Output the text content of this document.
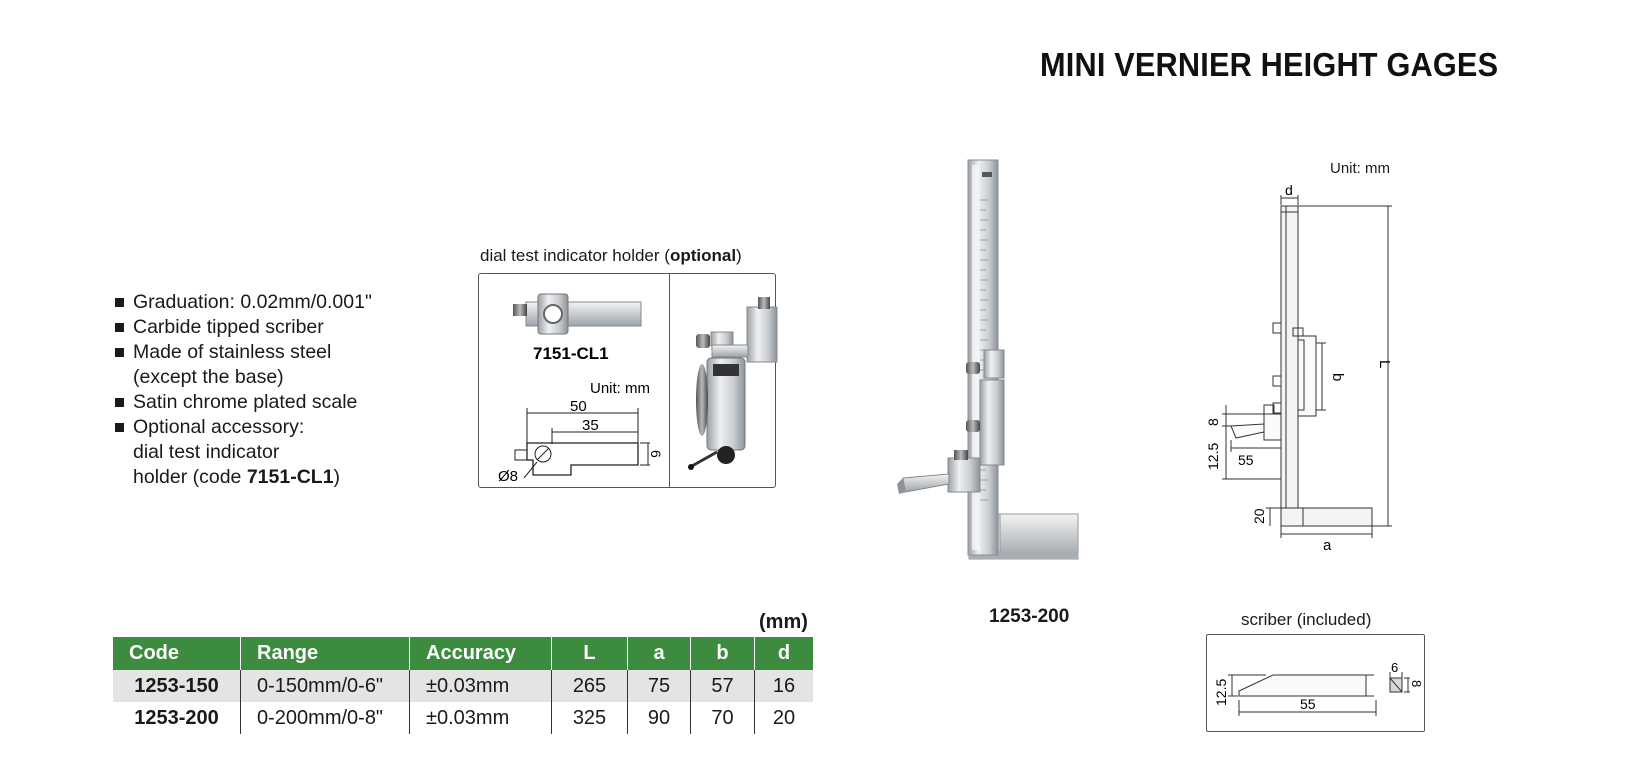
MINI VERNIER HEIGHT GAGES
Graduation: 0.02mm/0.001"
Carbide tipped scriber
Made of stainless steel
(except the base)
Satin chrome plated scale
Optional accessory:
dial test indicator
holder (code 7151-CL1)
dial test indicator holder (optional)
7151-CL1
Unit: mm
50
35
6
Ø8
d
L
b
a
8
12.5 55
20
12.5	55
6
8
Unit: mm
1253-200	scriber (included)
(mm)
Code	Range	Accuracy	L	a	b	d
1253-150	0-150mm/0-6"	±0.03mm	265	75	57	16
1253-200	0-200mm/0-8"	±0.03mm	325	90	70	20
